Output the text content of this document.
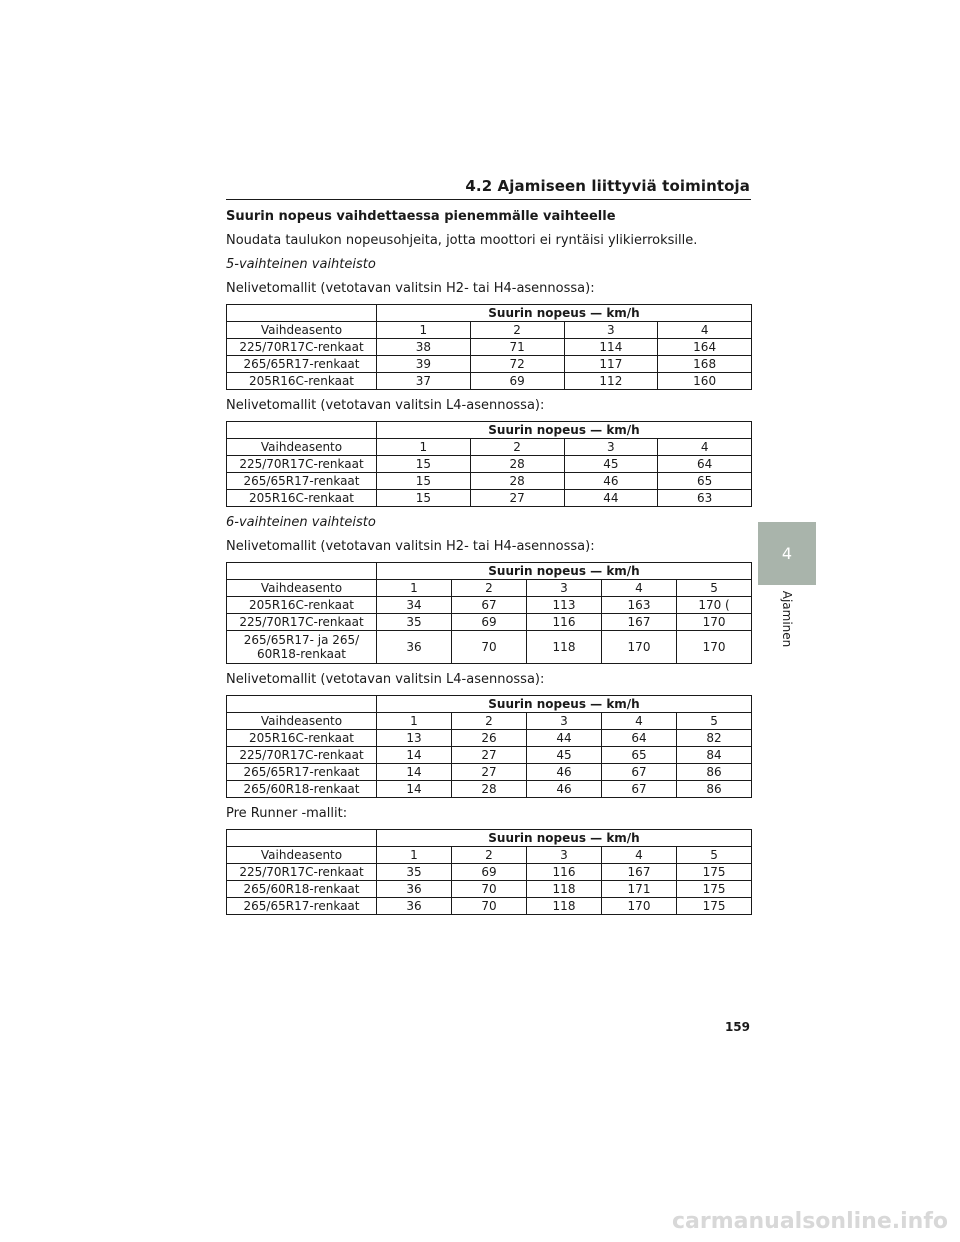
4.2 Ajamiseen liittyviä toimintoja

Suurin nopeus vaihdettaessa pienemmälle vaihteelle

Noudata taulukon nopeusohjeita, jotta moottori ei ryntäisi ylikierroksille.

5-vaihteinen vaihteisto

Nelivetomallit (vetotavan valitsin H2- tai H4-asennossa):

	Suurin nopeus — km/h			
Vaihdeasento	1	2	3	4
225/70R17C-renkaat	38	71	114	164
265/65R17-renkaat	39	72	117	168
205R16C-renkaat	37	69	112	160

Nelivetomallit (vetotavan valitsin L4-asennossa):

	Suurin nopeus — km/h			
Vaihdeasento	1	2	3	4
225/70R17C-renkaat	15	28	45	64
265/65R17-renkaat	15	28	46	65
205R16C-renkaat	15	27	44	63

6-vaihteinen vaihteisto

Nelivetomallit (vetotavan valitsin H2- tai H4-asennossa):

	Suurin nopeus — km/h				
Vaihdeasento	1	2	3	4	5
205R16C-renkaat	34	67	113	163	170 (
225/70R17C-renkaat	35	69	116	167	170
265/65R17- ja 265/
60R18-renkaat	36	70	118	170	170

Nelivetomallit (vetotavan valitsin L4-asennossa):

	Suurin nopeus — km/h				
Vaihdeasento	1	2	3	4	5
205R16C-renkaat	13	26	44	64	82
225/70R17C-renkaat	14	27	45	65	84
265/65R17-renkaat	14	27	46	67	86
265/60R18-renkaat	14	28	46	67	86

Pre Runner -mallit:

	Suurin nopeus — km/h				
Vaihdeasento	1	2	3	4	5
225/70R17C-renkaat	35	69	116	167	175
265/60R18-renkaat	36	70	118	171	175
265/65R17-renkaat	36	70	118	170	175
4
Ajaminen
159
carmanualsonline.info
